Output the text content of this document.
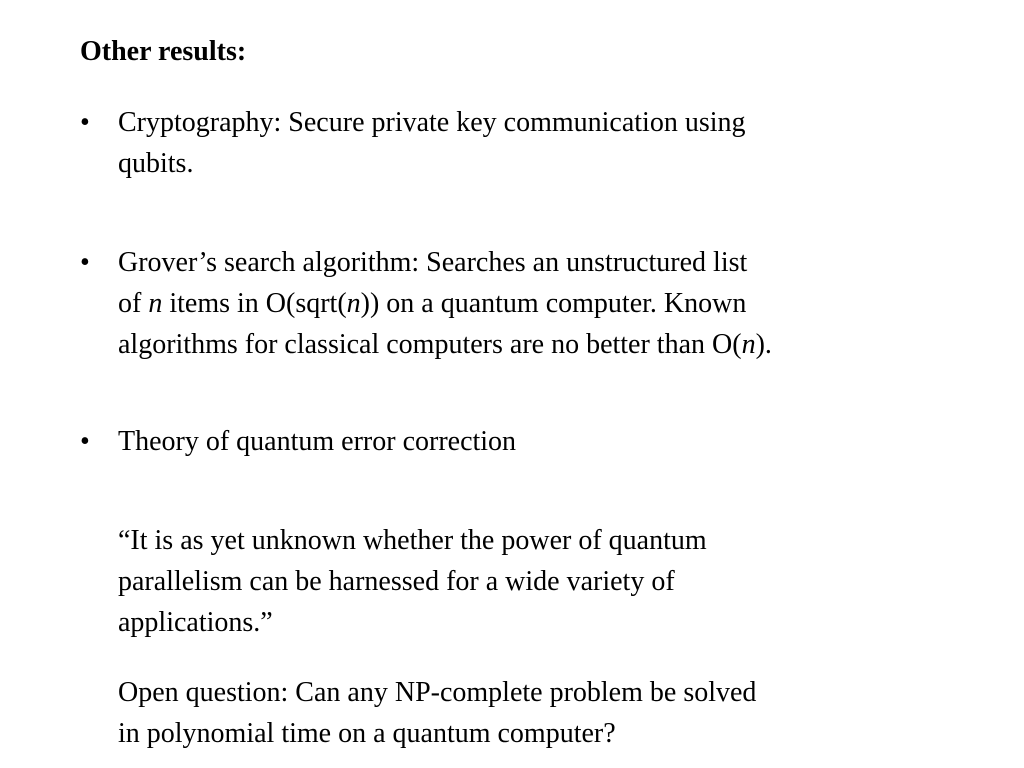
Other results:
•	Cryptography: Secure private key communication using
qubits.
•	Grover’s search algorithm: Searches an unstructured list
of n items in O(sqrt(n)) on a quantum computer. Known
algorithms for classical computers are no better than O(n).
•	Theory of quantum error correction
“It is as yet unknown whether the power of quantum
parallelism can be harnessed for a wide variety of
applications.”
Open question: Can any NP-complete problem be solved
in polynomial time on a quantum computer?
